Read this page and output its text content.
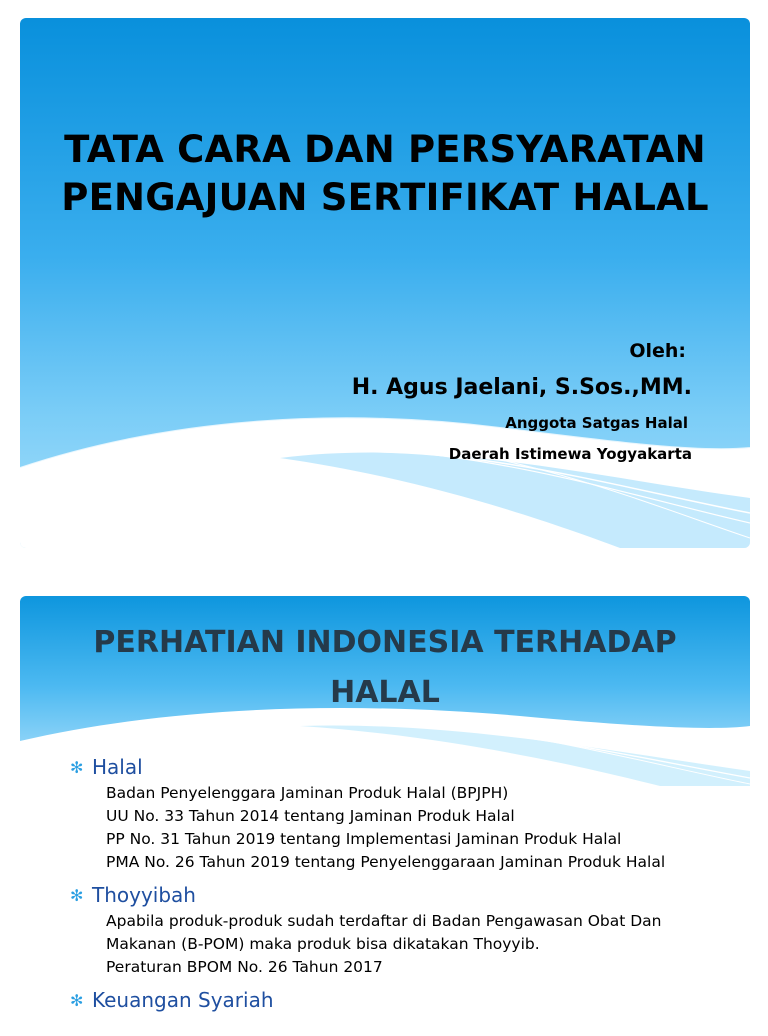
TATA CARA DAN PERSYARATAN
PENGAJUAN SERTIFIKAT HALAL
Oleh:
H. Agus Jaelani, S.Sos.,MM.
Anggota Satgas Halal
Daerah Istimewa Yogyakarta
PERHATIAN INDONESIA TERHADAP
HALAL
✻ Halal
Badan Penyelenggara Jaminan Produk Halal (BPJPH)
UU No. 33 Tahun 2014 tentang Jaminan Produk Halal
PP No. 31 Tahun 2019 tentang Implementasi Jaminan Produk Halal
PMA No. 26 Tahun 2019 tentang Penyelenggaraan Jaminan Produk Halal
✻ Thoyyibah
Apabila produk-produk sudah terdaftar di Badan Pengawasan Obat Dan
Makanan (B-POM) maka produk bisa dikatakan Thoyyib.
Peraturan BPOM No. 26 Tahun 2017
✻ Keuangan Syariah
